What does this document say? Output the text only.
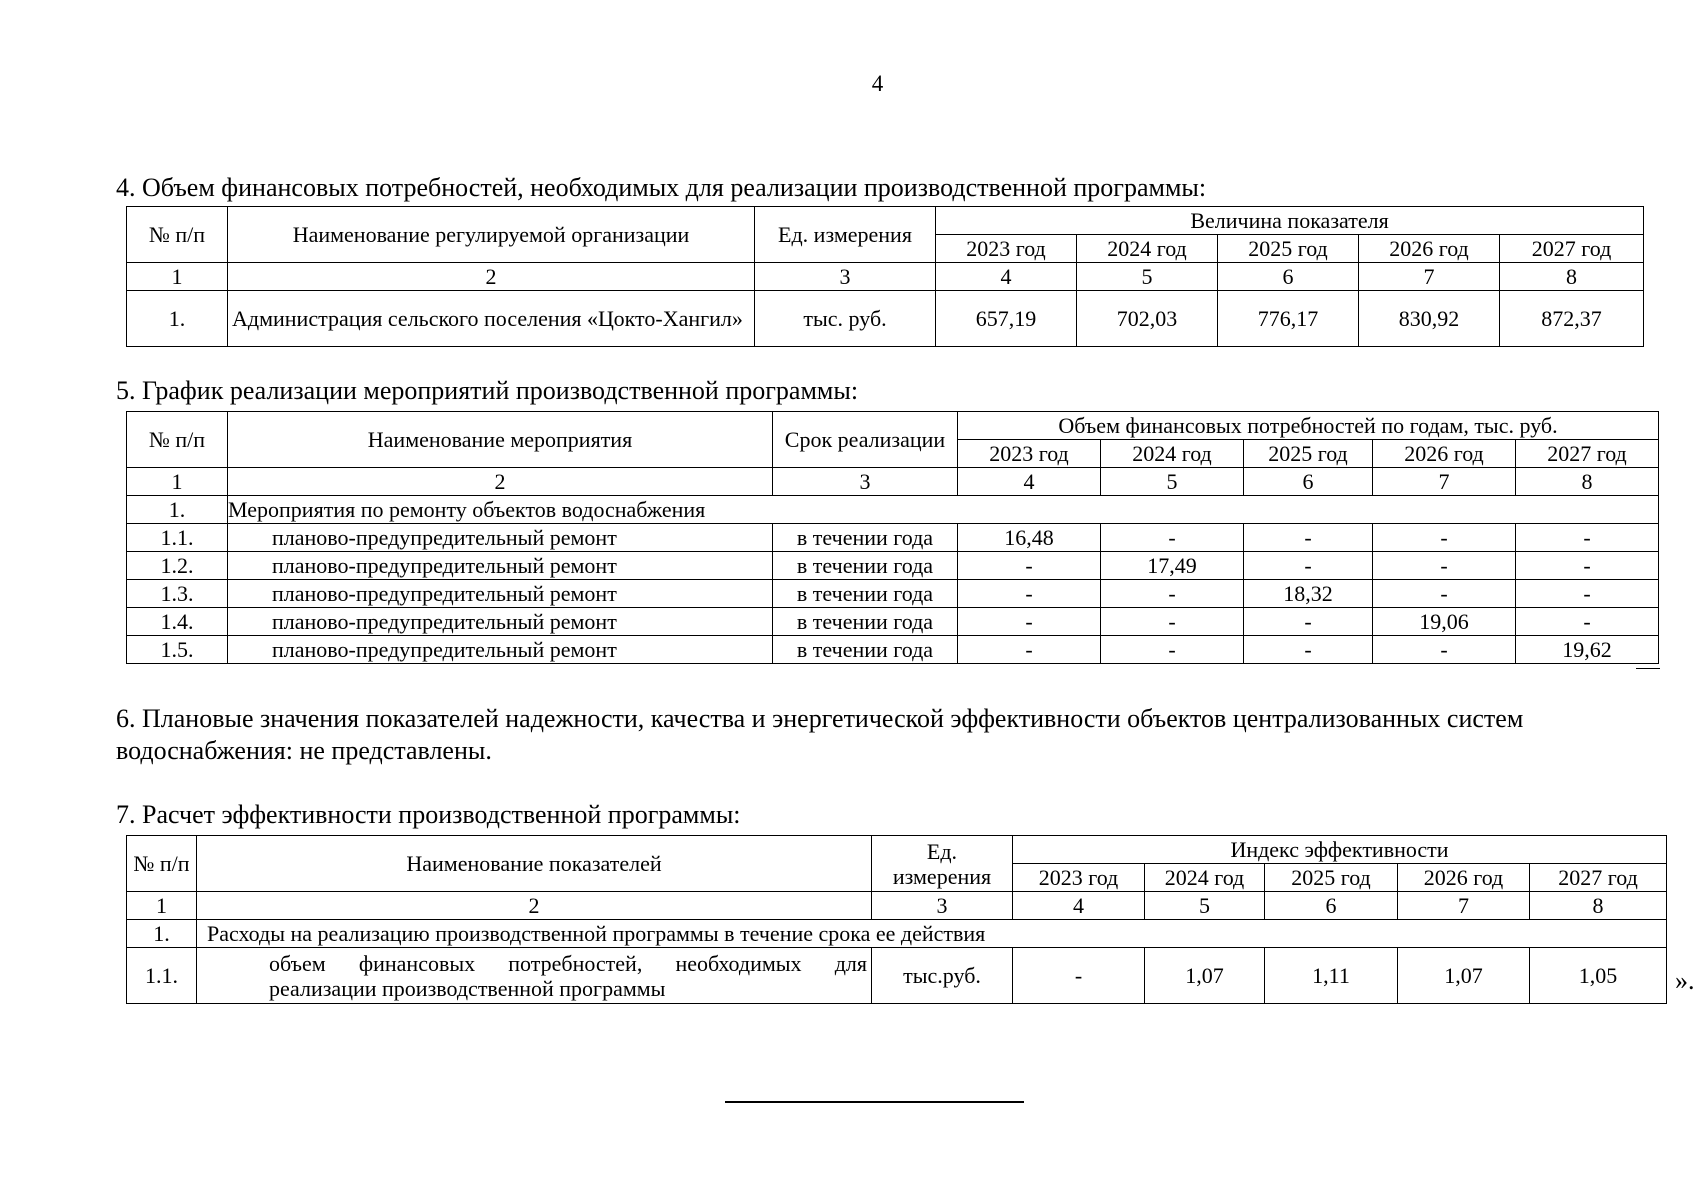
4
4. Объем финансовых потребностей, необходимых для реализации производственной программы:
№ п/п	Наименование регулируемой организации	Ед. измерения	Величина показателя				
			2023 год	2024 год	2025 год	2026 год	2027 год
1	2	3	4	5	6	7	8
1.	Администрация сельского поселения «Цокто-Хангил»	тыс. руб.	657,19	702,03	776,17	830,92	872,37
5. График реализации мероприятий производственной программы:
№ п/п	Наименование мероприятия	Срок реализации	Объем финансовых потребностей по годам, тыс. руб.				
			2023 год	2024 год	2025 год	2026 год	2027 год
1	2	3	4	5	6	7	8
1.	Мероприятия по ремонту объектов водоснабжения						
1.1.	планово-предупредительный ремонт	в течении года	16,48	-	-	-	-
1.2.	планово-предупредительный ремонт	в течении года	-	17,49	-	-	-
1.3.	планово-предупредительный ремонт	в течении года	-	-	18,32	-	-
1.4.	планово-предупредительный ремонт	в течении года	-	-	-	19,06	-
1.5.	планово-предупредительный ремонт	в течении года	-	-	-	-	19,62
6. Плановые значения показателей надежности, качества и энергетической эффективности объектов централизованных систем водоснабжения: не представлены.
7. Расчет эффективности производственной программы:
№ п/п	Наименование показателей	Ед. измерения	Индекс эффективности				
			2023 год	2024 год	2025 год	2026 год	2027 год
1	2	3	4	5	6	7	8
1.	Расходы на реализацию производственной программы в течение срока ее действия						
1.1.	объем финансовых потребностей, необходимых для реализации производственной программы	тыс.руб.	-	1,07	1,11	1,07	1,05 ».
